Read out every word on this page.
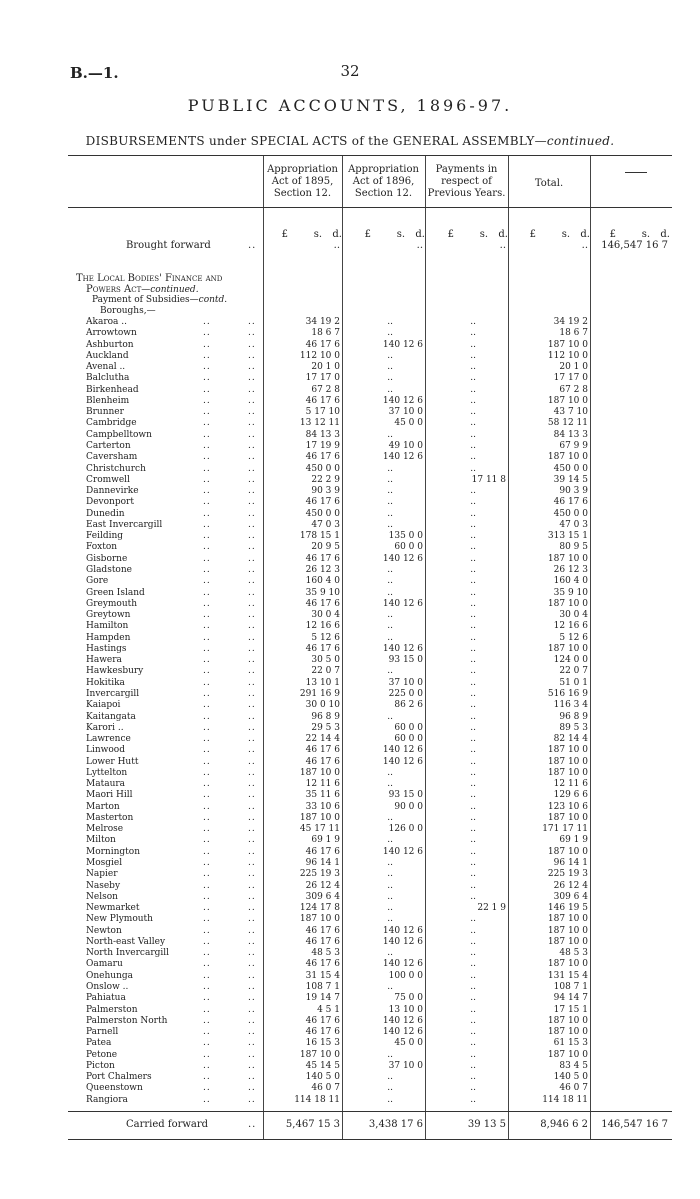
B.—1.	32
PUBLIC ACCOUNTS, 1896-97.
DISBURSEMENTS under SPECIAL ACTS of the GENERAL ASSEMBLY—continued.
Appropriation Act of 1895, Section 12.
Appropriation Act of 1896, Section 12.
Payments in respect of Previous Years.
Total.
£	s. d.	£	s. d.	£	s. d.	£	s. d.	£	s. d.
The Local Bodies' Finance and
Powers Act—continued.
Payment of Subsidies—contd.
Boroughs,—
Akaroa ..	..	..	34 19 2	..	..	34 19 2
Arrowtown	..	..	18 6 7	..	..	18 6 7
Ashburton	..	..	46 17 6	140 12 6	..	187 10 0
Auckland	..	..	112 10 0	..	..	112 10 0
Avenal ..	..	..	20 1 0	..	..	20 1 0
Balclutha	..	..	17 17 0	..	..	17 17 0
Birkenhead	..	..	67 2 8	..	..	67 2 8
Blenheim	..	..	46 17 6	140 12 6	..	187 10 0
Brunner	..	..	5 17 10	37 10 0	..	43 7 10
Cambridge	..	..	13 12 11	45 0 0	..	58 12 11
Campbelltown	..	..	84 13 3	..	..	84 13 3
Carterton	..	..	17 19 9	49 10 0	..	67 9 9
Caversham	..	..	46 17 6	140 12 6	..	187 10 0
Christchurch	..	..	450 0 0	..	..	450 0 0
Cromwell	..	..	22 2 9	..	17 11 8	39 14 5
Dannevirke	..	..	90 3 9	..	..	90 3 9
Devonport	..	..	46 17 6	..	..	46 17 6
Dunedin	..	..	450 0 0	..	..	450 0 0
East Invercargill	..	..	47 0 3	..	..	47 0 3
Feilding	..	..	178 15 1	135 0 0	..	313 15 1
Foxton	..	..	20 9 5	60 0 0	..	80 9 5
Gisborne	..	..	46 17 6	140 12 6	..	187 10 0
Gladstone	..	..	26 12 3	..	..	26 12 3
Gore	..	..	160 4 0	..	..	160 4 0
Green Island	..	..	35 9 10	..	..	35 9 10
Greymouth	..	..	46 17 6	140 12 6	..	187 10 0
Greytown	..	..	30 0 4	..	..	30 0 4
Hamilton	..	..	12 16 6	..	..	12 16 6
Hampden	..	..	5 12 6	..	..	5 12 6
Hastings	..	..	46 17 6	140 12 6	..	187 10 0
Hawera	..	..	30 5 0	93 15 0	..	124 0 0
Hawkesbury	..	..	22 0 7	..	..	22 0 7
Hokitika	..	..	13 10 1	37 10 0	..	51 0 1
Invercargill	..	..	291 16 9	225 0 0	..	516 16 9
Kaiapoi	..	..	30 0 10	86 2 6	..	116 3 4
Kaitangata	..	..	96 8 9	..	..	96 8 9
Karori ..	..	..	29 5 3	60 0 0	..	89 5 3
Lawrence	..	..	22 14 4	60 0 0	..	82 14 4
Linwood	..	..	46 17 6	140 12 6	..	187 10 0
Lower Hutt	..	..	46 17 6	140 12 6	..	187 10 0
Lyttelton	..	..	187 10 0	..	..	187 10 0
Mataura	..	..	12 11 6	..	..	12 11 6
Maori Hill	..	..	35 11 6	93 15 0	..	129 6 6
Marton	..	..	33 10 6	90 0 0	..	123 10 6
Masterton	..	..	187 10 0	..	..	187 10 0
Melrose	..	..	45 17 11	126 0 0	..	171 17 11
Milton	..	..	69 1 9	..	..	69 1 9
Mornington	..	..	46 17 6	140 12 6	..	187 10 0
Mosgiel	..	..	96 14 1	..	..	96 14 1
Napier	..	..	225 19 3	..	..	225 19 3
Naseby	..	..	26 12 4	..	..	26 12 4
Nelson	..	..	309 6 4	..	..	309 6 4
Newmarket	..	..	124 17 8	..	22 1 9	146 19 5
New Plymouth	..	..	187 10 0	..	..	187 10 0
Newton	..	..	46 17 6	140 12 6	..	187 10 0
North-east Valley	..	..	46 17 6	140 12 6	..	187 10 0
North Invercargill	..	..	48 5 3	..	..	48 5 3
Oamaru	..	..	46 17 6	140 12 6	..	187 10 0
Onehunga	..	..	31 15 4	100 0 0	..	131 15 4
Onslow ..	..	..	108 7 1	..	..	108 7 1
Pahiatua	..	..	19 14 7	75 0 0	..	94 14 7
Palmerston	..	..	4 5 1	13 10 0	..	17 15 1
Palmerston North	..	..	46 17 6	140 12 6	..	187 10 0
Parnell	..	..	46 17 6	140 12 6	..	187 10 0
Patea	..	..	16 15 3	45 0 0	..	61 15 3
Petone	..	..	187 10 0	..	..	187 10 0
Picton	..	..	45 14 5	37 10 0	..	83 4 5
Port Chalmers	..	..	140 5 0	..	..	140 5 0
Queenstown	..	..	46 0 7	..	..	46 0 7
Rangiora	..	..	114 18 11	..	..	114 18 11
Brought forward	..	..	..	..	.. 146,547 16 7
Carried forward	..	5,467 15 3	3,438 17 6	39 13 5	8,946 6 2 146,547 16 7
